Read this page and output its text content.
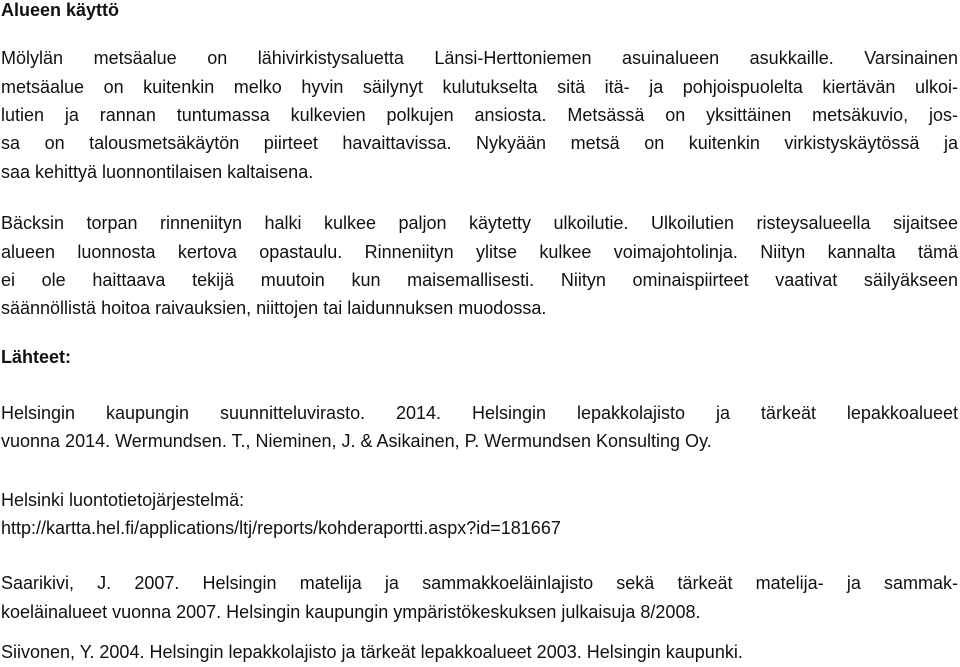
Alueen käyttö
Mölylän metsäalue on lähivirkistysaluetta Länsi-Herttoniemen asuinalueen asukkaille. Varsinainen
metsäalue on kuitenkin melko hyvin säilynyt kulutukselta sitä itä- ja pohjoispuolelta kiertävän ulkoi-
lutien ja rannan tuntumassa kulkevien polkujen ansiosta. Metsässä on yksittäinen metsäkuvio, jos-
sa on talousmetsäkäytön piirteet havaittavissa. Nykyään metsä on kuitenkin virkistyskäytössä ja
saa kehittyä luonnontilaisen kaltaisena.
Bäcksin torpan rinneniityn halki kulkee paljon käytetty ulkoilutie. Ulkoilutien risteysalueella sijaitsee
alueen luonnosta kertova opastaulu. Rinneniityn ylitse kulkee voimajohtolinja. Niityn kannalta tämä
ei ole haittaava tekijä muutoin kun maisemallisesti. Niityn ominaispiirteet vaativat säilyäkseen
säännöllistä hoitoa raivauksien, niittojen tai laidunnuksen muodossa.
Lähteet:
Helsingin kaupungin suunnitteluvirasto. 2014. Helsingin lepakkolajisto ja tärkeät lepakkoalueet
vuonna 2014. Wermundsen. T., Nieminen, J. & Asikainen, P. Wermundsen Konsulting Oy.
Helsinki luontotietojärjestelmä:
http://kartta.hel.fi/applications/ltj/reports/kohderaportti.aspx?id=181667
Saarikivi, J. 2007. Helsingin matelija ja sammakkoeläinlajisto sekä tärkeät matelija- ja sammak-
koeläinalueet vuonna 2007. Helsingin kaupungin ympäristökeskuksen julkaisuja 8/2008.
Siivonen, Y. 2004. Helsingin lepakkolajisto ja tärkeät lepakkoalueet 2003. Helsingin kaupunki.
